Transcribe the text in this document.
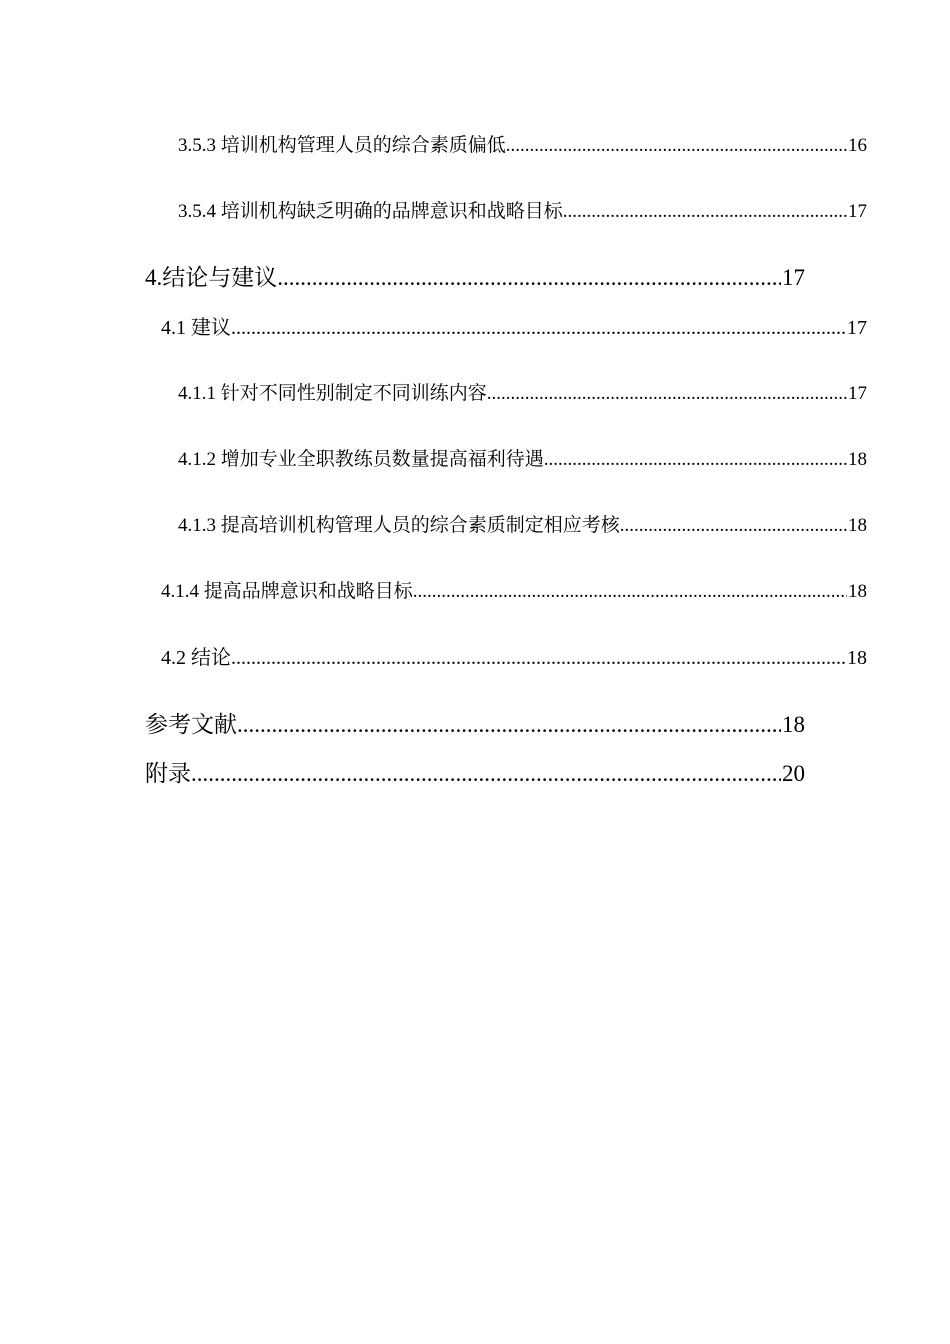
3.5.3 培训机构管理人员的综合素质偏低 .....	16
3.5.4 培训机构缺乏明确的品牌意识和战略目标 .....	17
4.结论与建议 .....	17
4.1 建议 .....	17
4.1.1 针对不同性别制定不同训练内容 .....	17
4.1.2 增加专业全职教练员数量提高福利待遇 .....	18
4.1.3 提高培训机构管理人员的综合素质制定相应考核 .....	18
4.1.4 提高品牌意识和战略目标 .....	18
4.2 结论 .....	18
参考文献 .....	18
附录 .....	20
